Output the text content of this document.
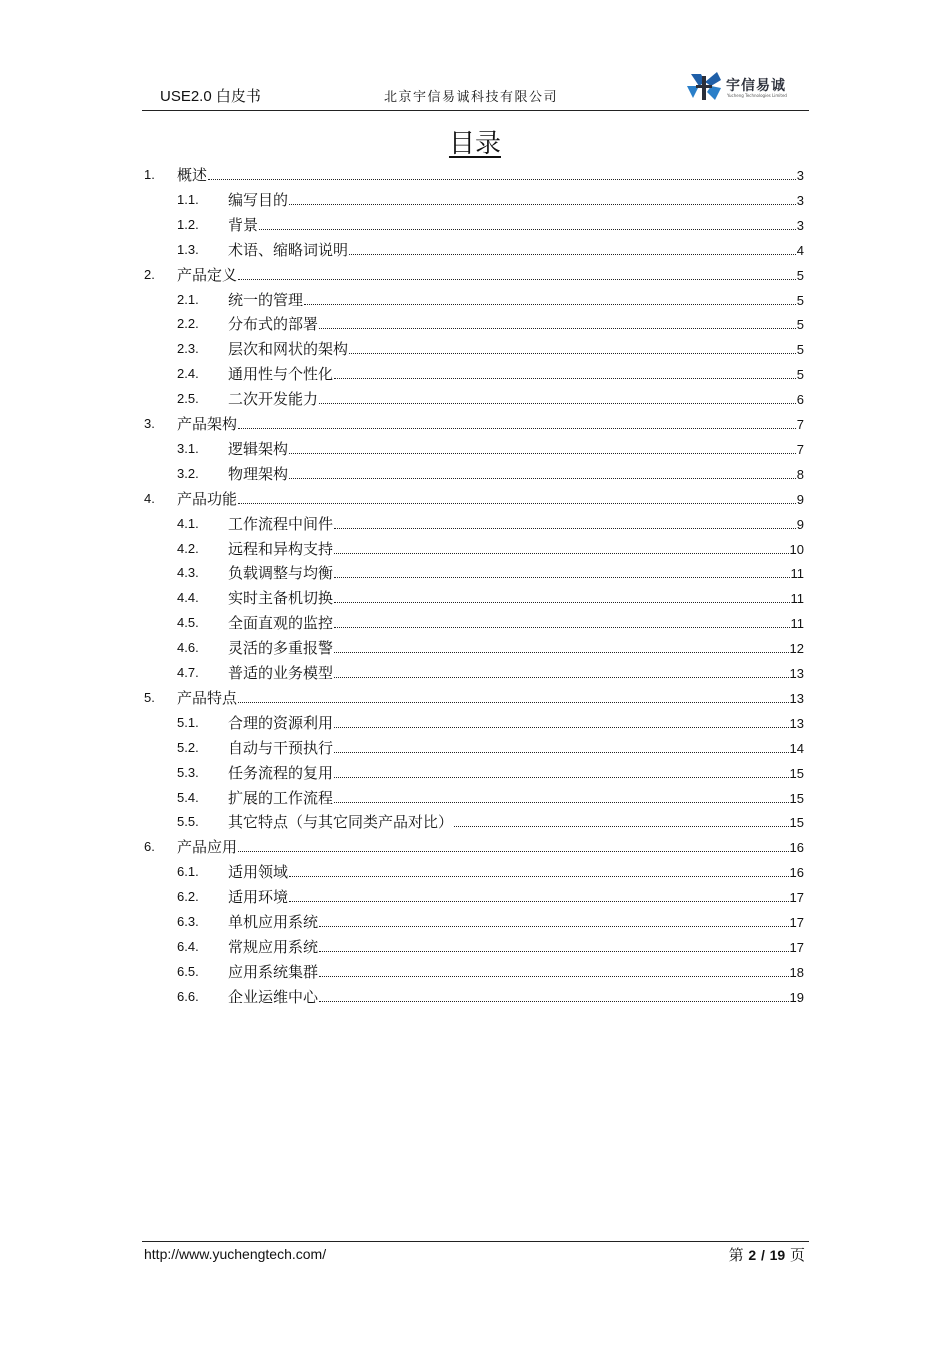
USE2.0 白皮书	北京宇信易诚科技有限公司
宇信易诚
Yucheng Technologies Limited
目录
1. 概述	3
1.1. 编写目的	3
1.2. 背景	3
1.3. 术语、缩略词说明	4
2. 产品定义	5
2.1. 统一的管理	5
2.2. 分布式的部署	5
2.3. 层次和网状的架构	5
2.4. 通用性与个性化	5
2.5. 二次开发能力	6
3. 产品架构	7
3.1. 逻辑架构	7
3.2. 物理架构	8
4. 产品功能	9
4.1. 工作流程中间件	9
4.2. 远程和异构支持	10
4.3. 负载调整与均衡	11
4.4. 实时主备机切换	11
4.5. 全面直观的监控	11
4.6. 灵活的多重报警	12
4.7. 普适的业务模型	13
5. 产品特点	13
5.1. 合理的资源利用	13
5.2. 自动与干预执行	14
5.3. 任务流程的复用	15
5.4. 扩展的工作流程	15
5.5. 其它特点（与其它同类产品对比）	15
6. 产品应用	16
6.1. 适用领域	16
6.2. 适用环境	17
6.3. 单机应用系统	17
6.4. 常规应用系统	17
6.5. 应用系统集群	18
6.6. 企业运维中心	19
http://www.yuchengtech.com/	第 2 / 19 页
